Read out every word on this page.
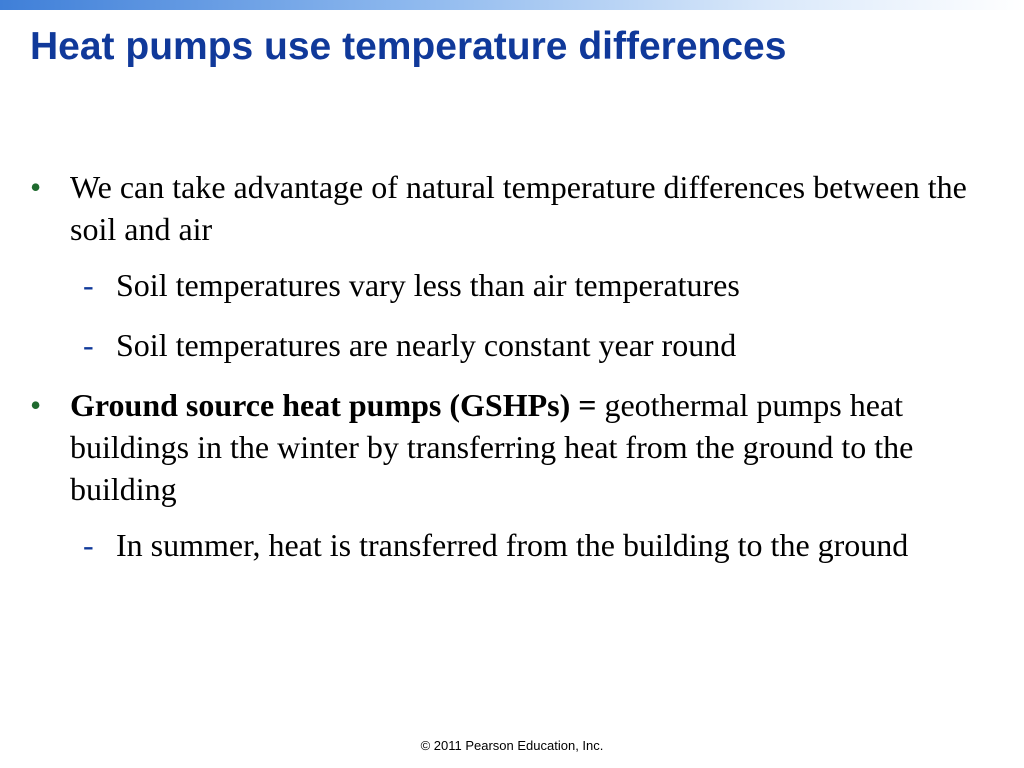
Heat pumps use temperature differences
• We can take advantage of natural temperature differences between the soil and air
- Soil temperatures vary less than air temperatures
- Soil temperatures are nearly constant year round
• Ground source heat pumps (GSHPs) = geothermal pumps heat buildings in the winter by transferring heat from the ground to the building
- In summer, heat is transferred from the building to the ground
© 2011 Pearson Education, Inc.
